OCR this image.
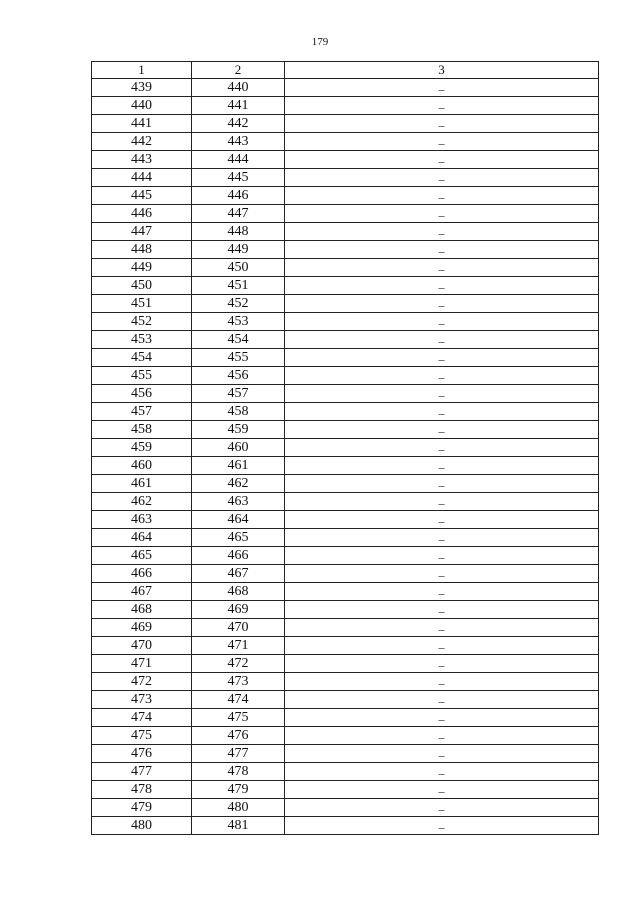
179
1	2	3
439	440	–
440	441	–
441	442	–
442	443	–
443	444	–
444	445	–
445	446	–
446	447	–
447	448	–
448	449	–
449	450	–
450	451	–
451	452	–
452	453	–
453	454	–
454	455	–
455	456	–
456	457	–
457	458	–
458	459	–
459	460	–
460	461	–
461	462	–
462	463	–
463	464	–
464	465	–
465	466	–
466	467	–
467	468	–
468	469	–
469	470	–
470	471	–
471	472	–
472	473	–
473	474	–
474	475	–
475	476	–
476	477	–
477	478	–
478	479	–
479	480	–
480	481	–
